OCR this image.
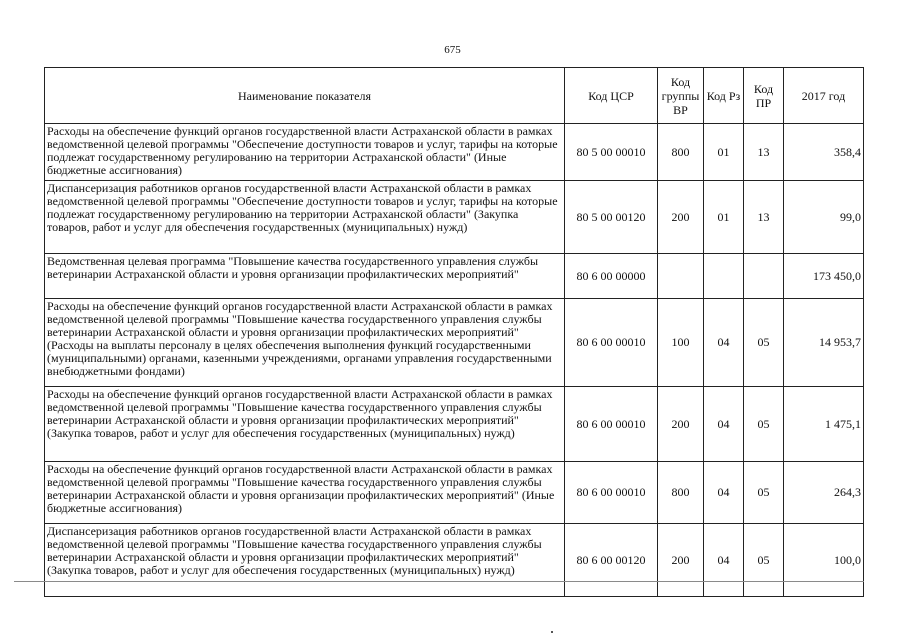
675
Наименование показателя	Код ЦСР	Код группы ВР	Код Рз	Код ПР	2017 год
Расходы на обеспечение функций органов государственной власти Астраханской области в рамках ведомственной целевой программы "Обеспечение доступности товаров и услуг, тарифы на которые подлежат государственному регулированию на территории Астраханской области" (Иные бюджетные ассигнования)	80 5 00 00010	800	01	13	358,4
Диспансеризация работников органов государственной власти Астраханской области в рамках ведомственной целевой программы "Обеспечение доступности товаров и услуг, тарифы на которые подлежат государственному регулированию на территории Астраханской области" (Закупка товаров, работ и услуг для обеспечения государственных (муниципальных) нужд)	80 5 00 00120	200	01	13	99,0
Ведомственная целевая программа "Повышение качества государственного управления службы ветеринарии Астраханской области и уровня организации профилактических мероприятий"	80 6 00 00000				173 450,0
Расходы на обеспечение функций органов государственной власти Астраханской области в рамках ведомственной целевой программы "Повышение качества государственного управления службы ветеринарии Астраханской области и уровня организации профилактических мероприятий" (Расходы на выплаты персоналу в целях обеспечения выполнения функций государственными (муниципальными) органами, казенными учреждениями, органами управления государственными внебюджетными фондами)	80 6 00 00010	100	04	05	14 953,7
Расходы на обеспечение функций органов государственной власти Астраханской области в рамках ведомственной целевой программы "Повышение качества государственного управления службы ветеринарии Астраханской области и уровня организации профилактических мероприятий" (Закупка товаров, работ и услуг для обеспечения государственных (муниципальных) нужд)	80 6 00 00010	200	04	05	1 475,1
Расходы на обеспечение функций органов государственной власти Астраханской области в рамках ведомственной целевой программы "Повышение качества государственного управления службы ветеринарии Астраханской области и уровня организации профилактических мероприятий" (Иные бюджетные ассигнования)	80 6 00 00010	800	04	05	264,3
Диспансеризация работников органов государственной власти Астраханской области в рамках ведомственной целевой программы "Повышение качества государственного управления службы ветеринарии Астраханской области и уровня организации профилактических мероприятий" (Закупка товаров, работ и услуг для обеспечения государственных (муниципальных) нужд)	80 6 00 00120	200	04	05	100,0
